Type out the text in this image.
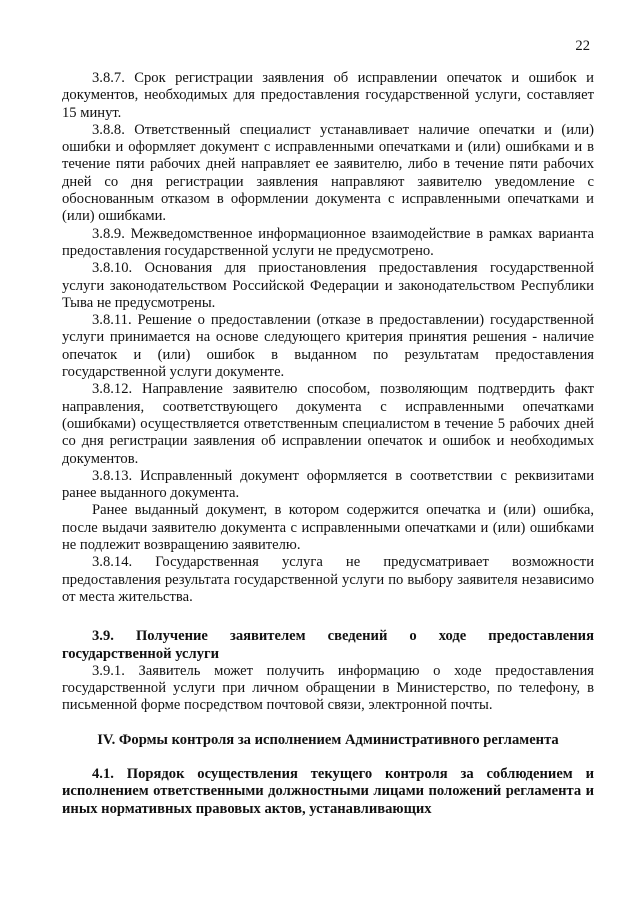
22

3.8.7. Срок регистрации заявления об исправлении опечаток и ошибок и документов, необходимых для предоставления государственной услуги, составляет 15 минут.

3.8.8. Ответственный специалист устанавливает наличие опечатки и (или) ошибки и оформляет документ с исправленными опечатками и (или) ошибками и в течение пяти рабочих дней направляет ее заявителю, либо в течение пяти рабочих дней со дня регистрации заявления направляют заявителю уведомление с обоснованным отказом в оформлении документа с исправленными опечатками и (или) ошибками.

3.8.9. Межведомственное информационное взаимодействие в рамках варианта предоставления государственной услуги не предусмотрено.

3.8.10. Основания для приостановления предоставления государственной услуги законодательством Российской Федерации и законодательством Республики Тыва не предусмотрены.

3.8.11. Решение о предоставлении (отказе в предоставлении) государственной услуги принимается на основе следующего критерия принятия решения - наличие опечаток и (или) ошибок в выданном по результатам предоставления государственной услуги документе.

3.8.12. Направление заявителю способом, позволяющим подтвердить факт направления, соответствующего документа с исправленными опечатками (ошибками) осуществляется ответственным специалистом в течение 5 рабочих дней со дня регистрации заявления об исправлении опечаток и ошибок и необходимых документов.

3.8.13. Исправленный документ оформляется в соответствии с реквизитами ранее выданного документа.

Ранее выданный документ, в котором содержится опечатка и (или) ошибка, после выдачи заявителю документа с исправленными опечатками и (или) ошибками не подлежит возвращению заявителю.

3.8.14. Государственная услуга не предусматривает возможности предоставления результата государственной услуги по выбору заявителя независимо от места жительства.

3.9. Получение заявителем сведений о ходе предоставления государственной услуги

3.9.1. Заявитель может получить информацию о ходе предоставления государственной услуги при личном обращении в Министерство, по телефону, в письменной форме посредством почтовой связи, электронной почты.

IV. Формы контроля за исполнением Административного регламента

4.1. Порядок осуществления текущего контроля за соблюдением и исполнением ответственными должностными лицами положений регламента и иных нормативных правовых актов, устанавливающих
